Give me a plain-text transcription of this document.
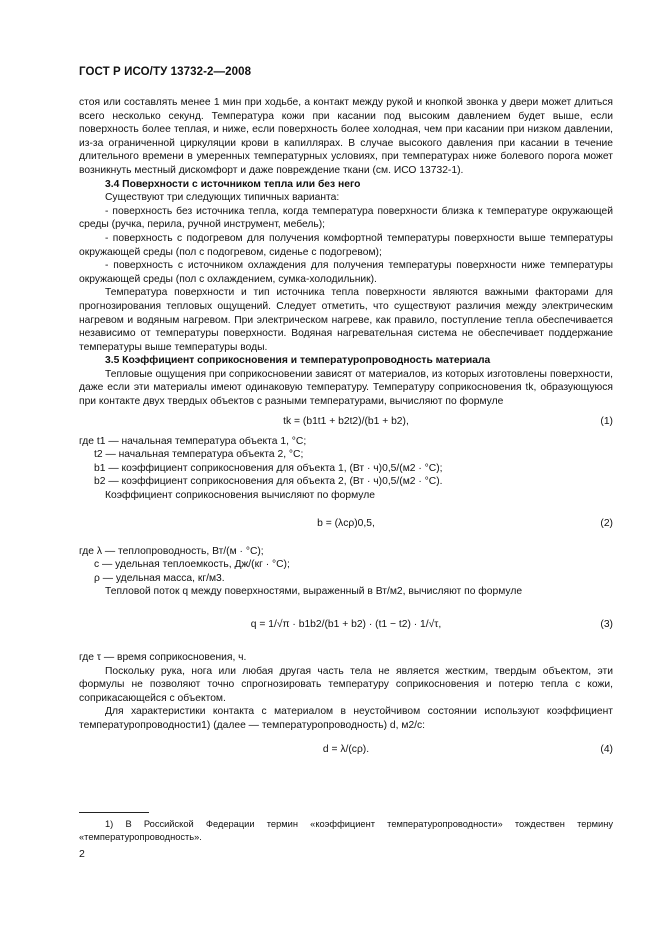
ГОСТ Р ИСО/ТУ 13732-2—2008

стоя или составлять менее 1 мин при ходьбе, а контакт между рукой и кнопкой звонка у двери может длиться всего несколько секунд. Температура кожи при касании под высоким давлением будет выше, если поверхность более теплая, и ниже, если поверхность более холодная, чем при касании при низком давлении, из-за ограниченной циркуляции крови в капиллярах. В случае высокого давления при касании в течение длительного времени в умеренных температурных условиях, при температурах ниже болевого порога может возникнуть местный дискомфорт и даже повреждение ткани (см. ИСО 13732-1).

3.4 Поверхности с источником тепла или без него

Существуют три следующих типичных варианта:

- поверхность без источника тепла, когда температура поверхности близка к температуре окружающей среды (ручка, перила, ручной инструмент, мебель);

- поверхность с подогревом для получения комфортной температуры поверхности выше температуры окружающей среды (пол с подогревом, сиденье с подогревом);

- поверхность с источником охлаждения для получения температуры поверхности ниже температуры окружающей среды (пол с охлаждением, сумка-холодильник).

Температура поверхности и тип источника тепла поверхности являются важными факторами для прогнозирования тепловых ощущений. Следует отметить, что существуют различия между электрическим нагревом и водяным нагревом. При электрическом нагреве, как правило, поступление тепла обеспечивается независимо от температуры поверхности. Водяная нагревательная система не обеспечивает поддержание температуры выше температуры воды.

3.5 Коэффициент соприкосновения и температуропроводность материала

Тепловые ощущения при соприкосновении зависят от материалов, из которых изготовлены поверхности, даже если эти материалы имеют одинаковую температуру. Температуру соприкосновения tk, образующуюся при контакте двух твердых объектов с разными температурами, вычисляют по формуле

tk = (b1t1 + b2t2)/(b1 + b2),	(1)
где t1 — начальная температура объекта 1, °С;
t2 — начальная температура объекта 2, °С;
b1 — коэффициент соприкосновения для объекта 1, (Вт · ч)0,5/(м2 · °С);
b2 — коэффициент соприкосновения для объекта 2, (Вт · ч)0,5/(м2 · °С).

Коэффициент соприкосновения вычисляют по формуле

b = (λcρ)0,5,	(2)
где λ — теплопроводность, Вт/(м · °С);
c — удельная теплоемкость, Дж/(кг · °С);
ρ — удельная масса, кг/м3.

Тепловой поток q между поверхностями, выраженный в Вт/м2, вычисляют по формуле

q = 1/√π · b1b2/(b1 + b2) · (t1 − t2) · 1/√τ,	(3)
где τ — время соприкосновения, ч.

Поскольку рука, нога или любая другая часть тела не является жестким, твердым объектом, эти формулы не позволяют точно спрогнозировать температуру соприкосновения и потерю тепла с кожи, соприкасающейся с объектом.

Для характеристики контакта с материалом в неустойчивом состоянии используют коэффициент температуропроводности1) (далее — температуропроводность) d, м2/с:

d = λ/(cρ).	(4)
1) В Российской Федерации термин «коэффициент температуропроводности» тождествен термину «температуропроводность».
2
